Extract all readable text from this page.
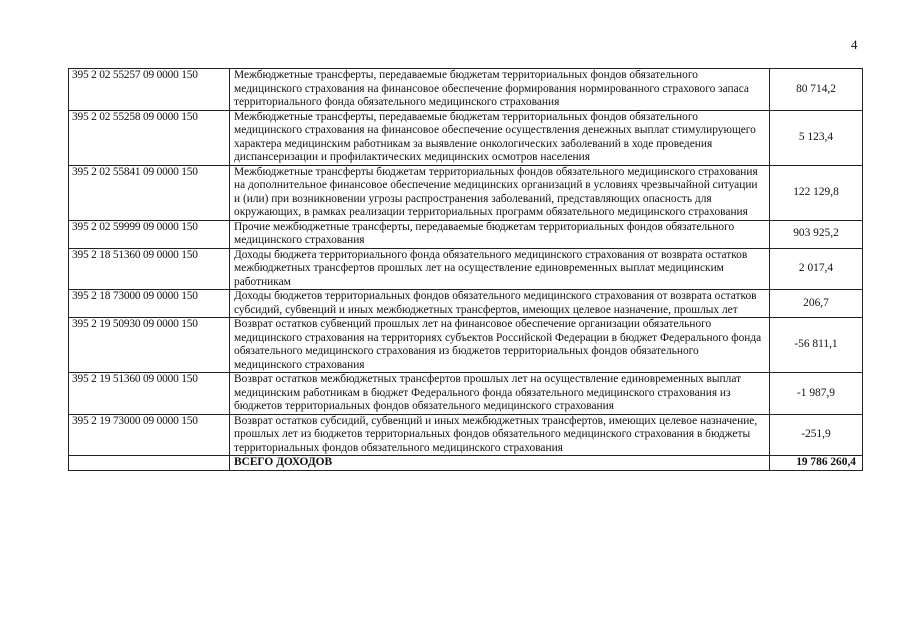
4
395 2 02 55257 09 0000 150	Межбюджетные трансферты, передаваемые бюджетам территориальных фондов обязательного медицинского страхования на финансовое обеспечение формирования нормированного страхового запаса территориального фонда обязательного медицинского страхования	80 714,2
395 2 02 55258 09 0000 150	Межбюджетные трансферты, передаваемые бюджетам территориальных фондов обязательного медицинского страхования на финансовое обеспечение осуществления денежных выплат стимулирующего характера медицинским работникам за выявление онкологических заболеваний в ходе проведения диспансеризации и профилактических медицинских осмотров населения	5 123,4
395 2 02 55841 09 0000 150	Межбюджетные трансферты бюджетам территориальных фондов обязательного медицинского страхования на дополнительное финансовое обеспечение медицинских организаций в условиях чрезвычайной ситуации и (или) при возникновении угрозы распространения заболеваний, представляющих опасность для окружающих, в рамках реализации территориальных программ обязательного медицинского страхования	122 129,8
395 2 02 59999 09 0000 150	Прочие межбюджетные трансферты, передаваемые бюджетам территориальных фондов обязательного медицинского страхования	903 925,2
395 2 18 51360 09 0000 150	Доходы бюджета территориального фонда обязательного медицинского страхования от возврата остатков межбюджетных трансфертов прошлых лет на осуществление единовременных выплат медицинским работникам	2 017,4
395 2 18 73000 09 0000 150	Доходы бюджетов территориальных фондов обязательного медицинского страхования от возврата остатков субсидий, субвенций и иных межбюджетных трансфертов, имеющих целевое назначение, прошлых лет	206,7
395 2 19 50930 09 0000 150	Возврат остатков субвенций прошлых лет на финансовое обеспечение организации обязательного медицинского страхования на территориях субъектов Российской Федерации в бюджет Федерального фонда обязательного медицинского страхования из бюджетов территориальных фондов обязательного медицинского страхования	-56 811,1
395 2 19 51360 09 0000 150	Возврат остатков межбюджетных трансфертов прошлых лет на осуществление единовременных выплат медицинским работникам в бюджет Федерального фонда обязательного медицинского страхования из бюджетов территориальных фондов обязательного медицинского страхования	-1 987,9
395 2 19 73000 09 0000 150	Возврат остатков субсидий, субвенций и иных межбюджетных трансфертов, имеющих целевое назначение, прошлых лет из бюджетов территориальных фондов обязательного медицинского страхования в бюджеты территориальных фондов обязательного медицинского страхования	-251,9
	ВСЕГО ДОХОДОВ	19 786 260,4
